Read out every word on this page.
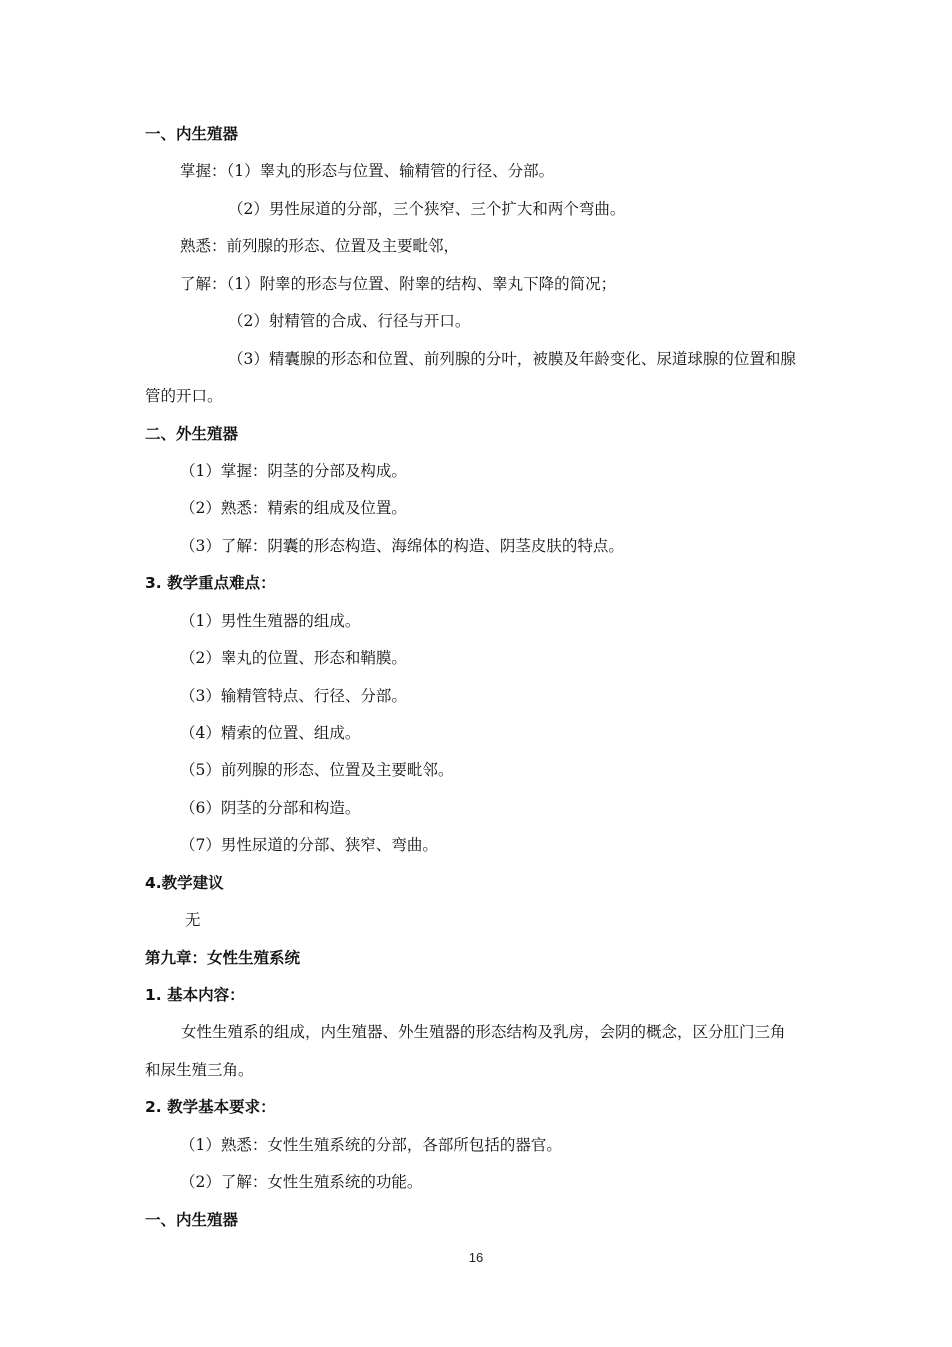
一、内生殖器
掌握：（1）睾丸的形态与位置、输精管的行径、分部。
（2）男性尿道的分部，三个狭窄、三个扩大和两个弯曲。
熟悉：前列腺的形态、位置及主要毗邻，
了解：（1）附睾的形态与位置、附睾的结构、睾丸下降的简况；
（2）射精管的合成、行径与开口。
（3）精囊腺的形态和位置、前列腺的分叶，被膜及年龄变化、尿道球腺的位置和腺
管的开口。
二、外生殖器
（1）掌握：阴茎的分部及构成。
（2）熟悉：精索的组成及位置。
（3）了解：阴囊的形态构造、海绵体的构造、阴茎皮肤的特点。
3. 教学重点难点：
（1）男性生殖器的组成。
（2）睾丸的位置、形态和鞘膜。
（3）输精管特点、行径、分部。
（4）精索的位置、组成。
（5）前列腺的形态、位置及主要毗邻。
（6）阴茎的分部和构造。
（7）男性尿道的分部、狭窄、弯曲。
4.教学建议
无
第九章：女性生殖系统
1. 基本内容：
女性生殖系的组成，内生殖器、外生殖器的形态结构及乳房，会阴的概念，区分肛门三角
和尿生殖三角。
2. 教学基本要求：
（1）熟悉：女性生殖系统的分部，各部所包括的器官。
（2）了解：女性生殖系统的功能。
一、内生殖器
16
